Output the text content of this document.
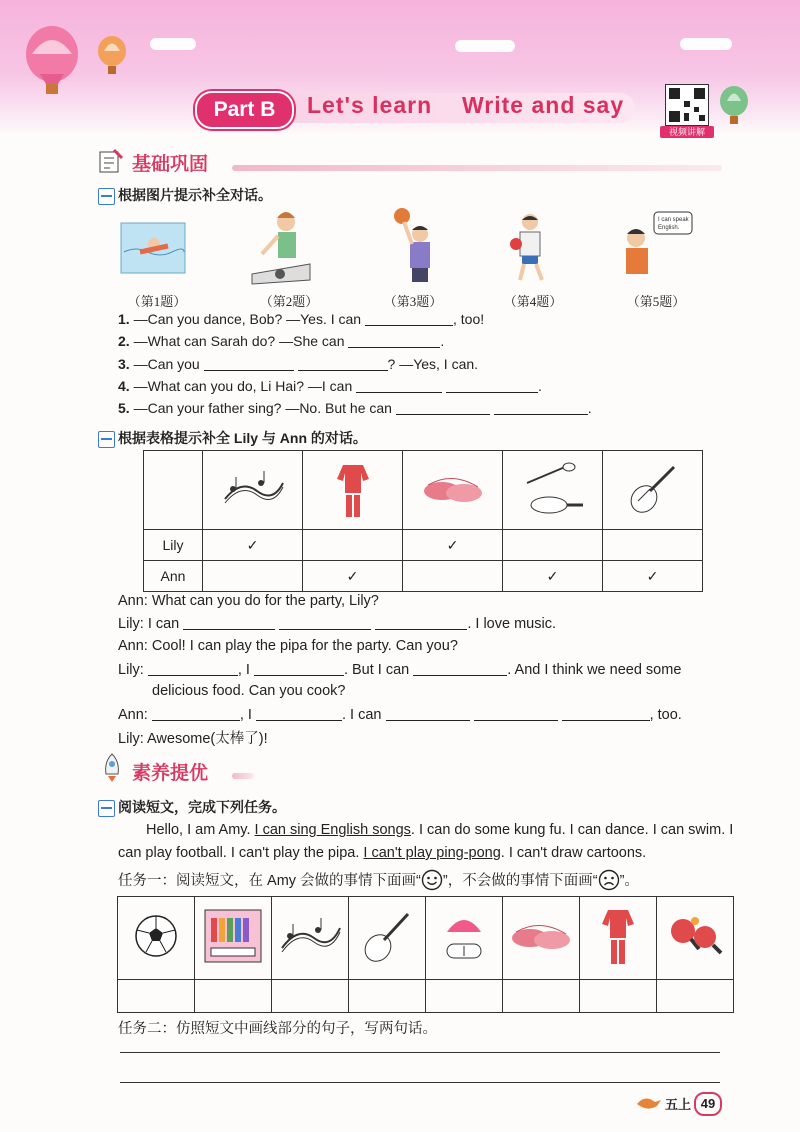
Part B	Let's learn Write and say
视频讲解
基础巩固
根据图片提示补全对话。
I can speak
English.
（第1题）	（第2题）	（第3题）	（第4题）	（第5题）
1. —Can you dance, Bob? —Yes. I can	, too!
2. —What can Sarah do? —She can	.
3. —Can you	? —Yes, I can.
4. —What can you do, Li Hai? —I can	.
5. —Can your father sing? —No. But he can	.
根据表格提示补全 Lily 与 Ann 的对话。

Lily	✓		✓		
Ann		✓		✓	✓
Ann: What can you do for the party, Lily?
Lily: I can	. I love music.
Ann: Cool! I can play the pipa for the party. Can you?
Lily:	, I	. But I can	. And I think we need some
delicious food. Can you cook?
Ann:	, I	. I can	, too.
Lily: Awesome(太棒了)!
素养提优
阅读短文，完成下列任务。
Hello, I am Amy. I can sing English songs. I can do some kung fu. I can dance. I can swim. I
can play football. I can't play the pipa. I can't play ping-pong. I can't draw cartoons.
任务一：阅读短文，在 Amy 会做的事情下面画“ ”，不会做的事情下面画“ ”。

任务二：仿照短文中画线部分的句子，写两句话。
五上 49
